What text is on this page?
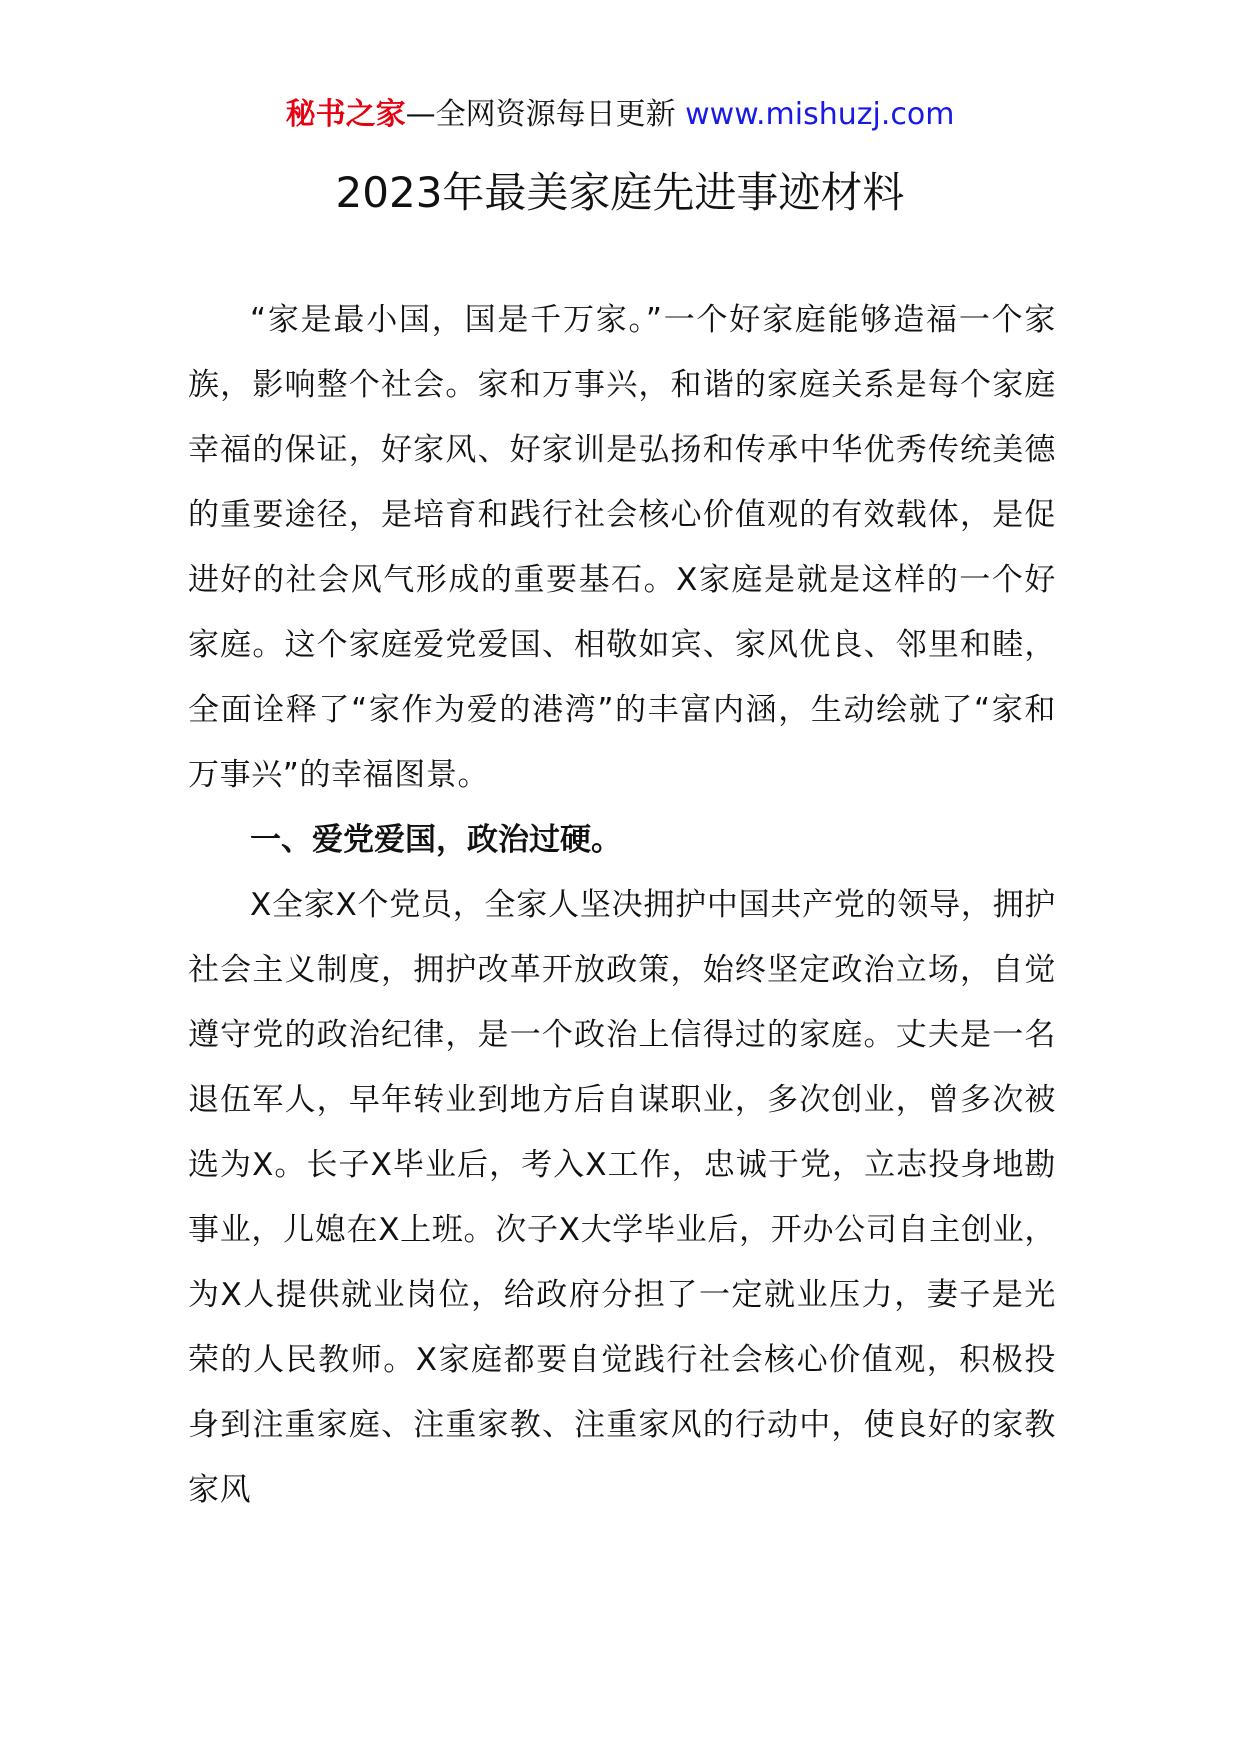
秘书之家—全网资源每日更新 www.mishuzj.com
2023年最美家庭先进事迹材料

“家是最小国，国是千万家。”一个好家庭能够造福一个家族，影响整个社会。家和万事兴，和谐的家庭关系是每个家庭幸福的保证，好家风、好家训是弘扬和传承中华优秀传统美德的重要途径，是培育和践行社会核心价值观的有效载体，是促进好的社会风气形成的重要基石。X家庭是就是这样的一个好家庭。这个家庭爱党爱国、相敬如宾、家风优良、邻里和睦，全面诠释了“家作为爱的港湾”的丰富内涵，生动绘就了“家和万事兴”的幸福图景。

一、爱党爱国，政治过硬。

X全家X个党员，全家人坚决拥护中国共产党的领导，拥护社会主义制度，拥护改革开放政策，始终坚定政治立场，自觉遵守党的政治纪律，是一个政治上信得过的家庭。丈夫是一名退伍军人，早年转业到地方后自谋职业，多次创业，曾多次被选为X。长子X毕业后，考入X工作，忠诚于党，立志投身地勘事业，儿媳在X上班。次子X大学毕业后，开办公司自主创业，为X人提供就业岗位，给政府分担了一定就业压力，妻子是光荣的人民教师。X家庭都要自觉践行社会核心价值观，积极投身到注重家庭、注重家教、注重家风的行动中，使良好的家教家风
